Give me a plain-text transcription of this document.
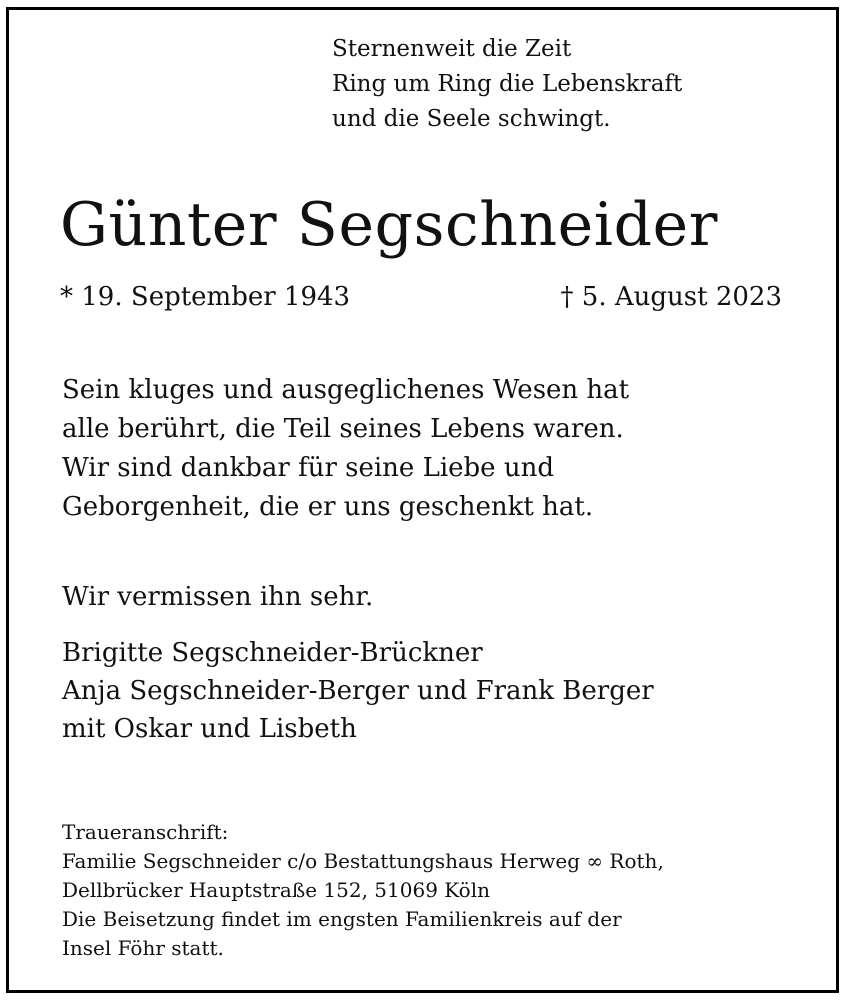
Sternenweit die Zeit
Ring um Ring die Lebenskraft
und die Seele schwingt.
Günter Segschneider
* 19. September 1943	† 5. August 2023
Sein kluges und ausgeglichenes Wesen hat
alle berührt, die Teil seines Lebens waren.
Wir sind dankbar für seine Liebe und
Geborgenheit, die er uns geschenkt hat.
Wir vermissen ihn sehr.
Brigitte Segschneider-Brückner
Anja Segschneider-Berger und Frank Berger
mit Oskar und Lisbeth
Traueranschrift:
Familie Segschneider c/o Bestattungshaus Herweg ∞ Roth,
Dellbrücker Hauptstraße 152, 51069 Köln
Die Beisetzung findet im engsten Familienkreis auf der
Insel Föhr statt.
